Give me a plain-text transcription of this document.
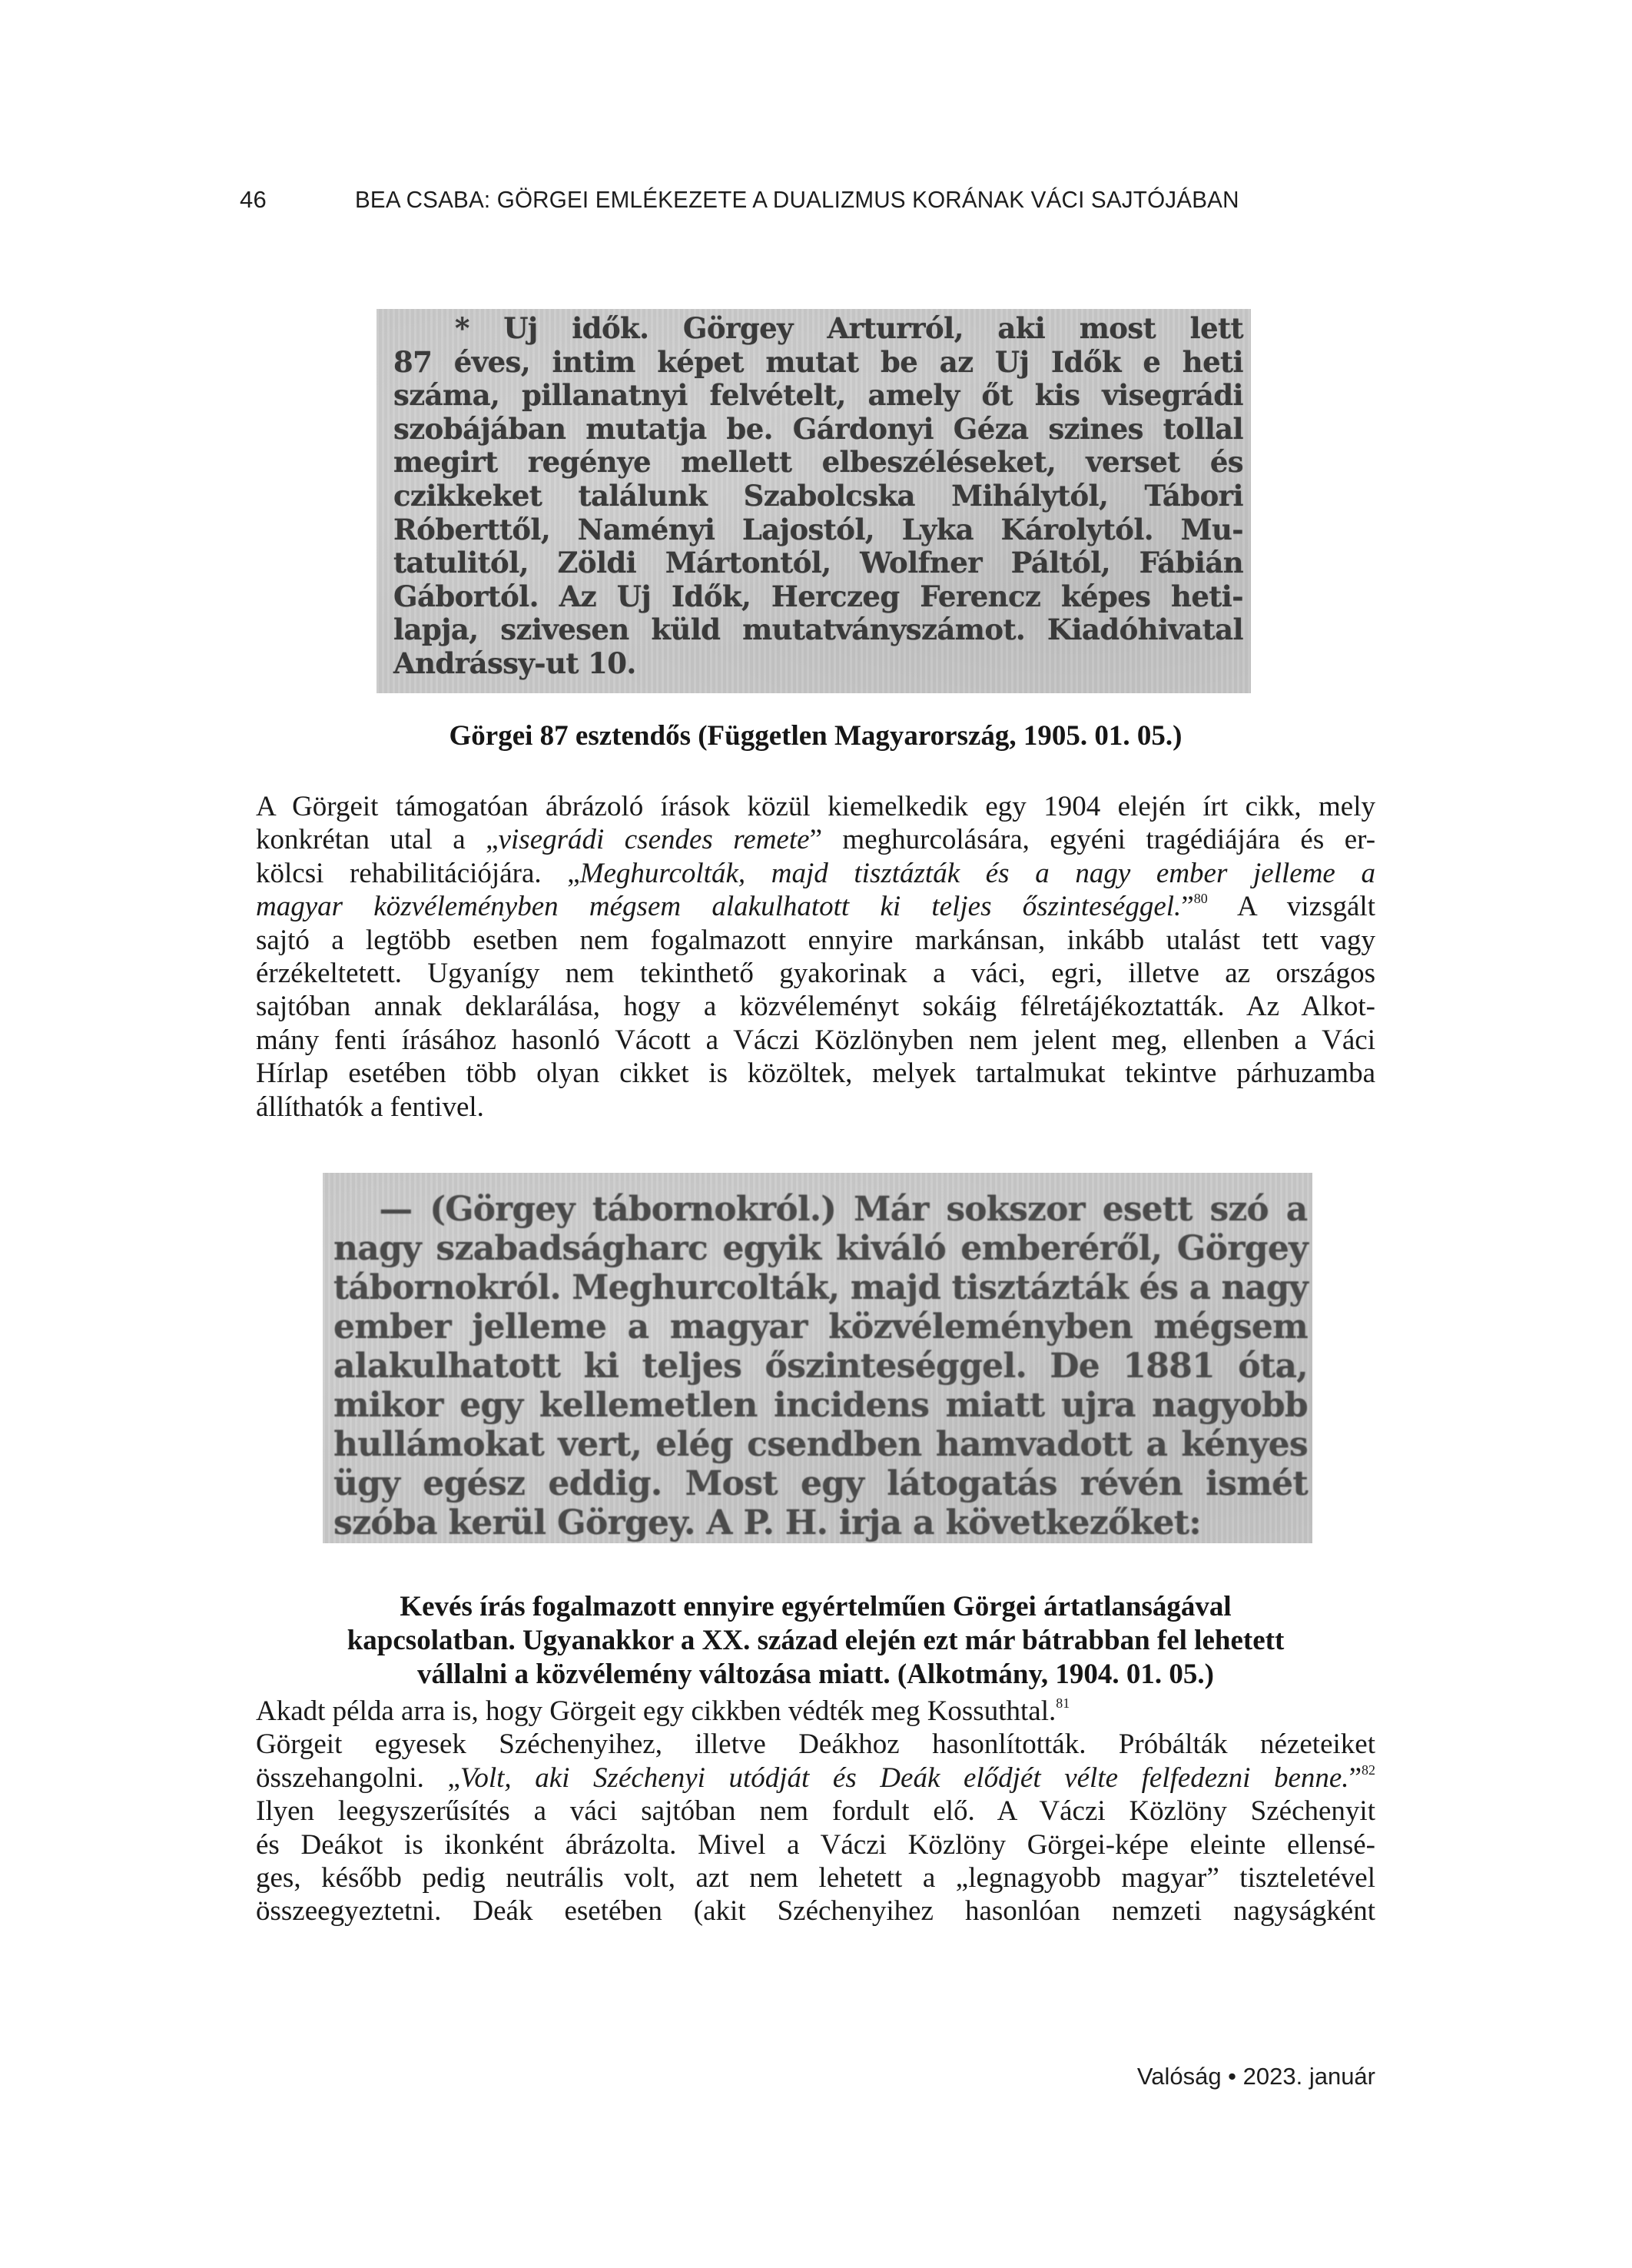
46	BEA CSABA: GÖRGEI EMLÉKEZETE A DUALIZMUS KORÁNAK VÁCI SAJTÓJÁBAN
* Uj idők. Görgey Arturról, aki most lett
87 éves, intim képet mutat be az Uj Idők e heti
száma, pillanatnyi felvételt, amely őt kis visegrádi
szobájában mutatja be. Gárdonyi Géza szines tollal
megirt regénye mellett elbeszéléseket, verset és
czikkeket találunk Szabolcska Mihálytól, Tábori
Róberttől, Naményi Lajostól, Lyka Károlytól. Mu-
tatulitól, Zöldi Mártontól, Wolfner Páltól, Fábián
Gábortól. Az Uj Idők, Herczeg Ferencz képes heti-
lapja, szivesen küld mutatványszámot. Kiadóhivatal
Andrássy-ut 10.
Görgei 87 esztendős (Független Magyarország, 1905. 01. 05.)
A Görgeit támogatóan ábrázoló írások közül kiemelkedik egy 1904 elején írt cikk, mely
konkrétan utal a „visegrádi csendes remete” meghurcolására, egyéni tragédiájára és er-
kölcsi rehabilitációjára. „Meghurcolták, majd tisztázták és a nagy ember jelleme a
magyar közvéleményben mégsem alakulhatott ki teljes őszinteséggel.”$^{80}$ A vizsgált
sajtó a legtöbb esetben nem fogalmazott ennyire markánsan, inkább utalást tett vagy
érzékeltetett. Ugyanígy nem tekinthető gyakorinak a váci, egri, illetve az országos
sajtóban annak deklarálása, hogy a közvéleményt sokáig félretájékoztatták. Az Alkot-
mány fenti írásához hasonló Vácott a Váczi Közlönyben nem jelent meg, ellenben a Váci
Hírlap esetében több olyan cikket is közöltek, melyek tartalmukat tekintve párhuzamba
állíthatók a fentivel.
— (Görgey tábornokról.) Már sokszor esett szó a
nagy szabadságharc egyik kiváló emberéről, Görgey
tábornokról. Meghurcolták, majd tisztázták és a nagy
ember jelleme a magyar közvéleményben mégsem
alakulhatott ki teljes őszinteséggel. De 1881 óta,
mikor egy kellemetlen incidens miatt ujra nagyobb
hullámokat vert, elég csendben hamvadott a kényes
ügy egész eddig. Most egy látogatás révén ismét
szóba kerül Görgey. A P. H. irja a következőket:
Kevés írás fogalmazott ennyire egyértelműen Görgei ártatlanságával
kapcsolatban. Ugyanakkor a XX. század elején ezt már bátrabban fel lehetett
vállalni a közvélemény változása miatt. (Alkotmány, 1904. 01. 05.)
Akadt példa arra is, hogy Görgeit egy cikkben védték meg Kossuthtal.$^{81}$
Görgeit egyesek Széchenyihez, illetve Deákhoz hasonlították. Próbálták nézeteiket
összehangolni. „Volt, aki Széchenyi utódját és Deák elődjét vélte felfedezni benne.”$^{82}$
Ilyen leegyszerűsítés a váci sajtóban nem fordult elő. A Váczi Közlöny Széchenyit
és Deákot is ikonként ábrázolta. Mivel a Váczi Közlöny Görgei-képe eleinte ellensé-
ges, később pedig neutrális volt, azt nem lehetett a „legnagyobb magyar” tiszteletével
összeegyeztetni. Deák esetében (akit Széchenyihez hasonlóan nemzeti nagyságként
Valóság • 2023. január
